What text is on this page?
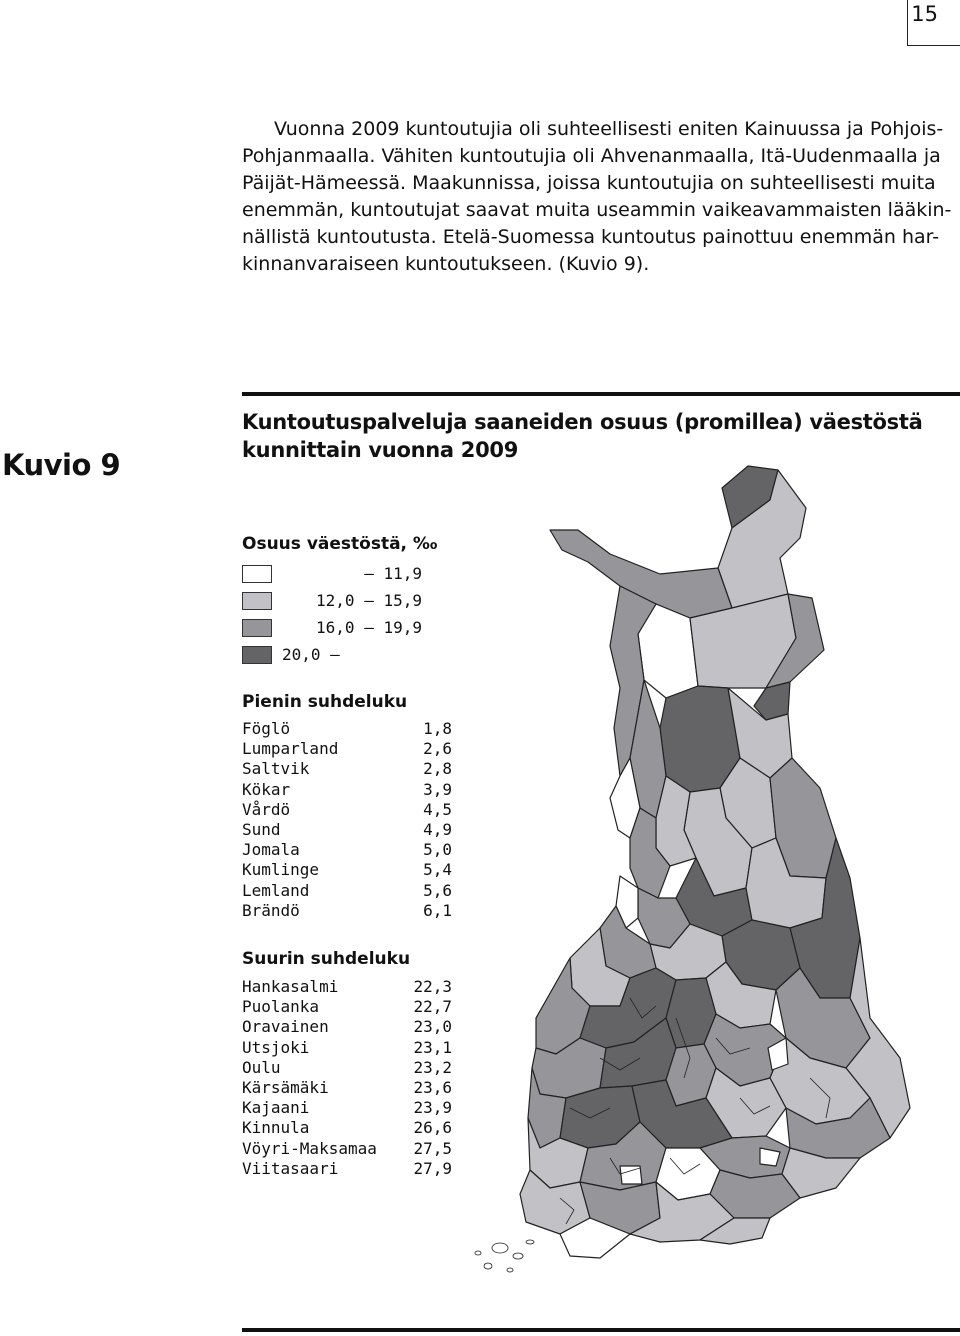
15
Vuonna 2009 kuntoutujia oli suhteellisesti eniten Kainuussa ja Pohjois-
Pohjanmaalla. Vähiten kuntoutujia oli Ahvenanmaalla, Itä-Uudenmaalla ja
Päijät-Hämeessä. Maakunnissa, joissa kuntoutujia on suhteellisesti muita
enemmän, kuntoutujat saavat muita useammin vaikeavammaisten lääkin-
nällistä kuntoutusta. Etelä-Suomessa kuntoutus painottuu enemmän har-
kinnanvaraiseen kuntoutukseen. (Kuvio 9).
Kuvio 9
Kuntoutuspalveluja saaneiden osuus (promillea) väestöstä kunnittain vuonna 2009
Osuus väestöstä, ‰
– 11,9
12,0 – 15,9
16,0 – 19,9
20,0 –
Pienin suhdeluku
Föglö	1,8
Lumparland	2,6
Saltvik	2,8
Kökar	3,9
Vårdö	4,5
Sund	4,9
Jomala	5,0
Kumlinge	5,4
Lemland	5,6
Brändö	6,1
Suurin suhdeluku
Hankasalmi	22,3
Puolanka	22,7
Oravainen	23,0
Utsjoki	23,1
Oulu	23,2
Kärsämäki	23,6
Kajaani	23,9
Kinnula	26,6
Vöyri-Maksamaa 27,5
Viitasaari	27,9
